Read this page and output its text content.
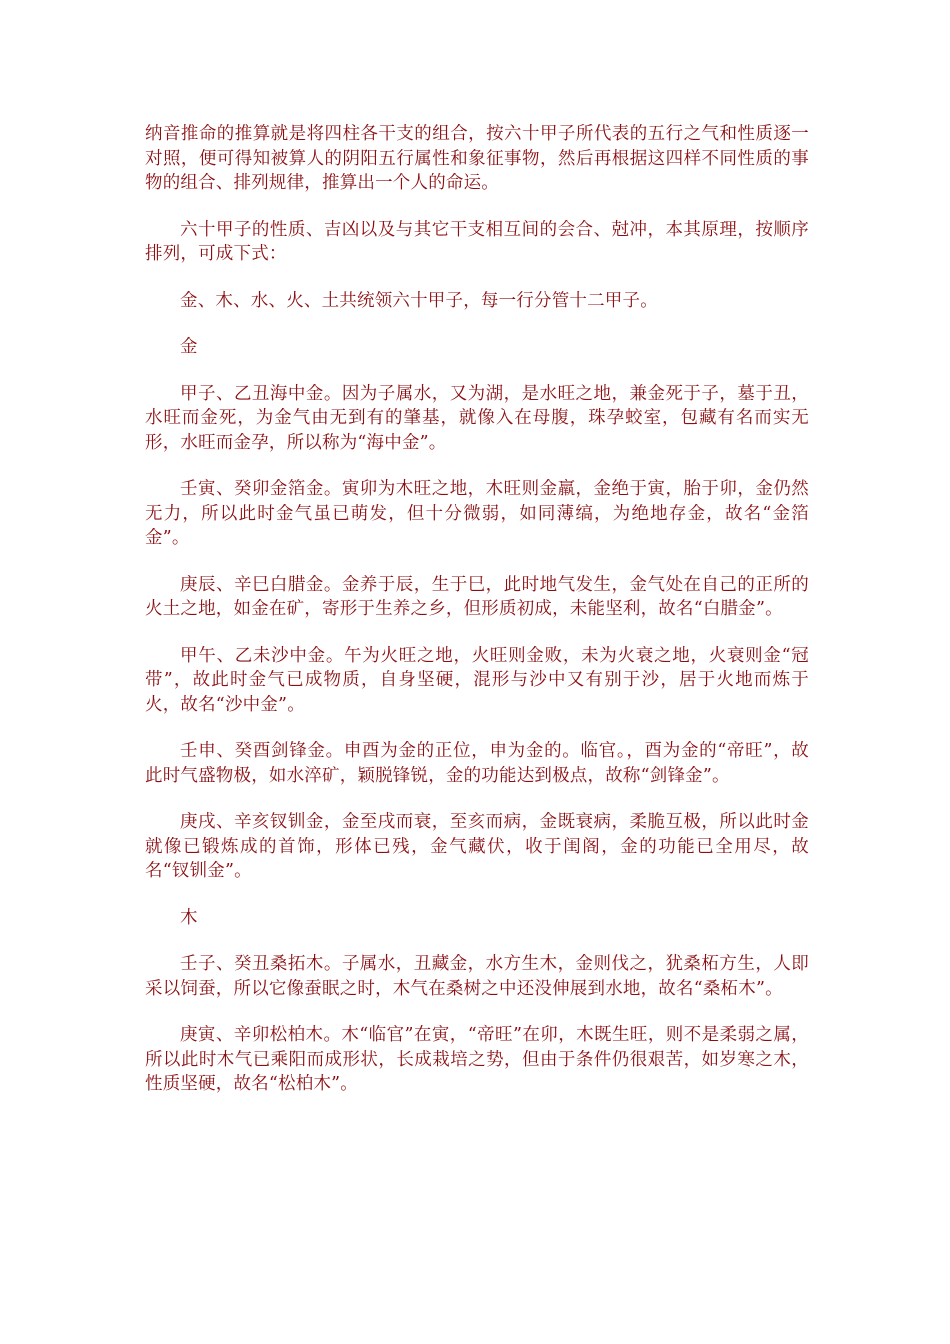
纳音推命的推算就是将四柱各干支的组合，按六十甲子所代表的五行之气和性质逐一对照，便可得知被算人的阴阳五行属性和象征事物，然后再根据这四样不同性质的事物的组合、排列规律，推算出一个人的命运。

六十甲子的性质、吉凶以及与其它干支相互间的会合、尅冲，本其原理，按顺序排列，可成下式：

金、木、水、火、土共统领六十甲子，每一行分管十二甲子。

金

甲子、乙丑海中金。因为子属水，又为湖，是水旺之地，兼金死于子，墓于丑，水旺而金死，为金气由无到有的肇基，就像入在母腹，珠孕蛟室，包藏有名而实无形，水旺而金孕，所以称为“海中金”。

壬寅、癸卯金箔金。寅卯为木旺之地，木旺则金羸，金绝于寅，胎于卯，金仍然无力，所以此时金气虽已萌发，但十分微弱，如同薄缟，为绝地存金，故名“金箔金”。

庚辰、辛巳白腊金。金养于辰，生于巳，此时地气发生，金气处在自己的正所的火土之地，如金在矿，寄形于生养之乡，但形质初成，未能坚利，故名“白腊金”。

甲午、乙未沙中金。午为火旺之地，火旺则金败，未为火衰之地，火衰则金“冠带”，故此时金气已成物质，自身坚硬，混形与沙中又有别于沙，居于火地而炼于火，故名“沙中金”。

壬申、癸酉剑锋金。申酉为金的正位，申为金的。临官。，酉为金的“帝旺”，故此时气盛物极，如水淬矿，颖脱锋锐，金的功能达到极点，故称“剑锋金”。

庚戌、辛亥钗钏金，金至戌而衰，至亥而病，金既衰病，柔脆互极，所以此时金就像已锻炼成的首饰，形体已残，金气藏伏，收于闺阁，金的功能已全用尽，故名“钗钏金”。

木

壬子、癸丑桑拓木。子属水，丑藏金，水方生木，金则伐之，犹桑柘方生，人即采以饲蚕，所以它像蚕眠之时，木气在桑树之中还没伸展到水地，故名“桑柘木”。

庚寅、辛卯松柏木。木“临官”在寅，“帝旺”在卯，木既生旺，则不是柔弱之属，所以此时木气已乘阳而成形状，长成栽培之势，但由于条件仍很艰苦，如岁寒之木，性质坚硬，故名“松柏木”。
